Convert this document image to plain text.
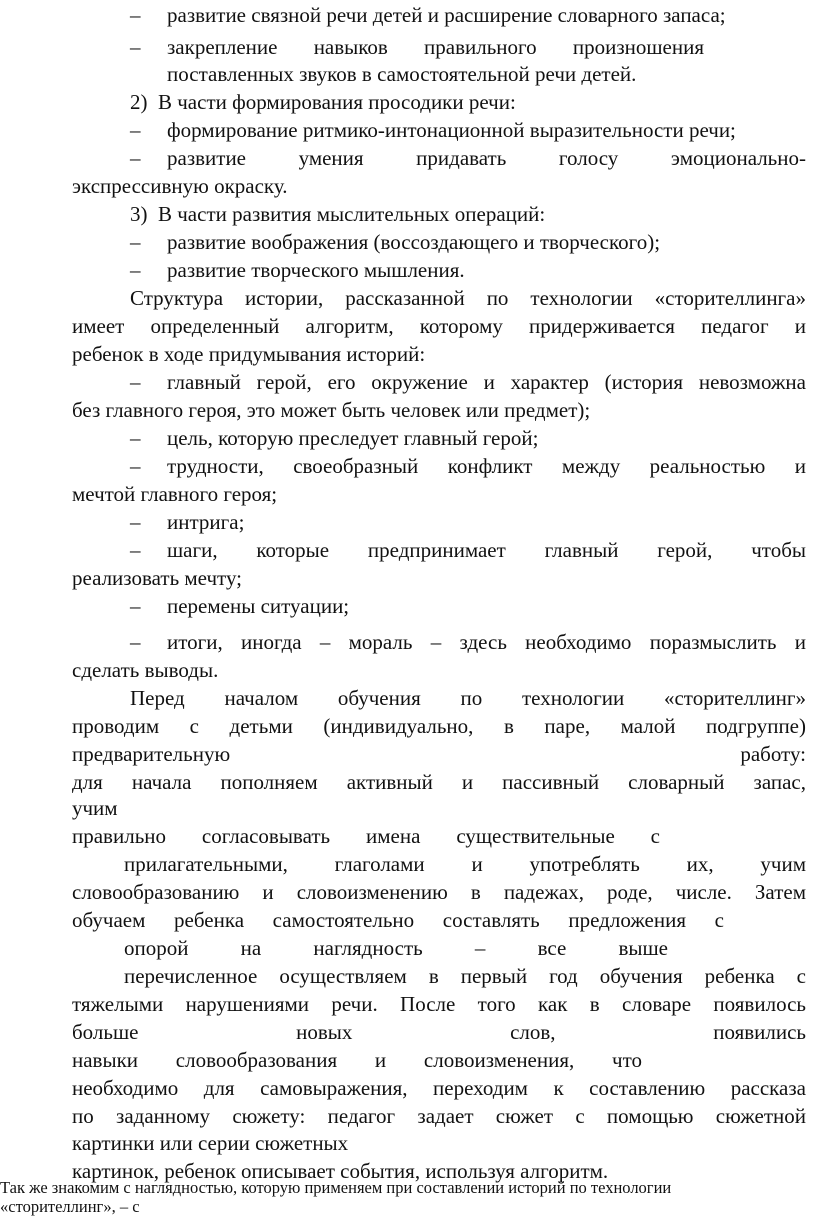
– развитие связной речи детей и расширение словарного запаса;
– закрепление навыков правильного произношения
поставленных звуков в самостоятельной речи детей.
2)  В части формирования просодики речи:
– формирование ритмико-интонационной выразительности речи;
– развитие умения придавать голосу эмоционально-
экспрессивную окраску.
3)  В части развития мыслительных операций:
– развитие воображения (воссоздающего и творческого);
– развитие творческого мышления.
Структура истории, рассказанной по технологии «сторителлинга»
имеет определенный алгоритм, которому придерживается педагог и
ребенок в ходе придумывания историй:
– главный герой, его окружение и характер (история невозможна
без главного героя, это может быть человек или предмет);
– цель, которую преследует главный герой;
– трудности, своеобразный конфликт между реальностью и
мечтой главного героя;
– интрига;
– шаги, которые предпринимает главный герой, чтобы
реализовать мечту;
– перемены ситуации;
– итоги, иногда – мораль – здесь необходимо поразмыслить и
сделать выводы.
Перед началом обучения по технологии «сторителлинг»
проводим с детьми (индивидуально, в паре, малой подгруппе)
предварительную	работу:
для начала пополняем активный и пассивный словарный запас,
учим
правильно согласовывать имена существительные с
прилагательными, глаголами и употреблять их, учим
словообразованию и словоизменению в падежах, роде, числе. Затем
обучаем ребенка самостоятельно составлять предложения с
опорой на наглядность – все выше
перечисленное осуществляем в первый год обучения ребенка с
тяжелыми нарушениями речи. После того как в словаре появилось
больше новых слов, появились
навыки словообразования и словоизменения, что
необходимо для самовыражения, переходим к составлению рассказа
по заданному сюжету: педагог задает сюжет с помощью сюжетной
картинки или серии сюжетных
картинок, ребенок описывает события, используя алгоритм.
Так же знакомим с наглядностью, которую применяем при составлении историй по технологии
«сторителлинг», – с
